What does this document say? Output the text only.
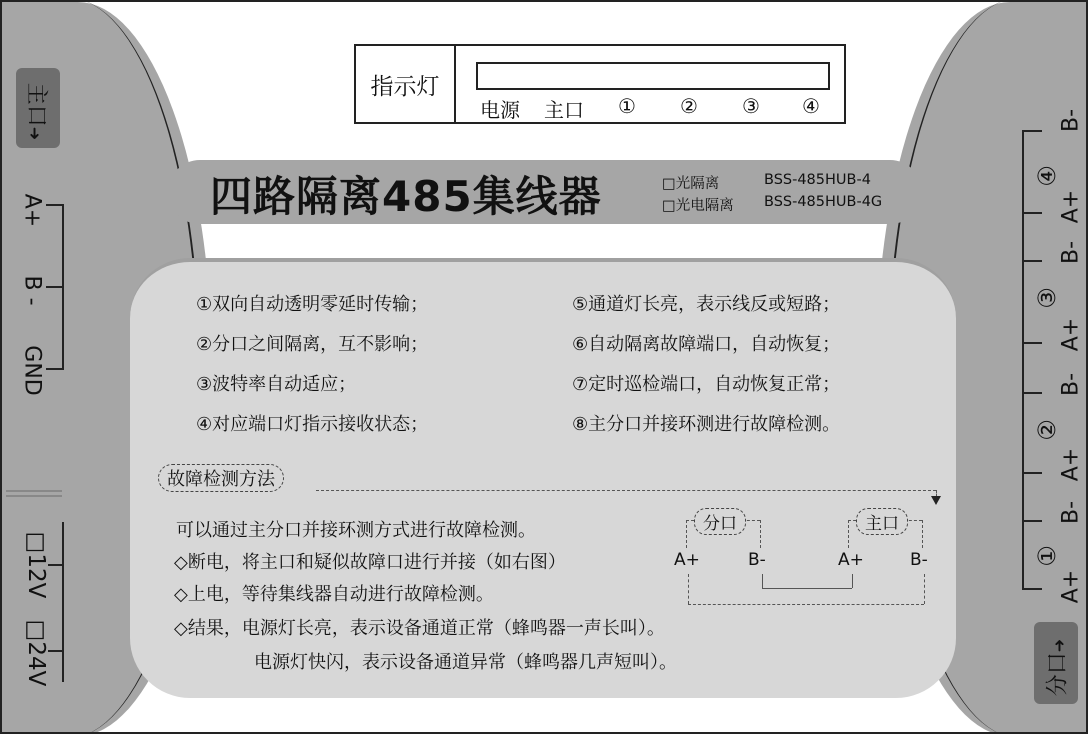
主口➜
A+
B -
GND
□12V
□24V
B-
④
A+
B-
③
A+
B-
②
A+
B-
①
A+
分口➜
指示灯
电源 主口 ① ② ③ ④
四路隔离485集线器	□光隔离	BSS-485HUB-4
□光电隔离 BSS-485HUB-4G
①双向自动透明零延时传输；
②分口之间隔离，互不影响；
③波特率自动适应；
④对应端口灯指示接收状态；
⑤通道灯长亮，表示线反或短路；
⑥自动隔离故障端口，自动恢复；
⑦定时巡检端口，自动恢复正常；
⑧主分口并接环测进行故障检测。
故障检测方法
可以通过主分口并接环测方式进行故障检测。
◇断电，将主口和疑似故障口进行并接（如右图）
◇上电，等待集线器自动进行故障检测。
◇结果，电源灯长亮，表示设备通道正常（蜂鸣器一声长叫）。
电源灯快闪，表示设备通道异常（蜂鸣器几声短叫）。
分口	主口
A+	B-	A+	B-
